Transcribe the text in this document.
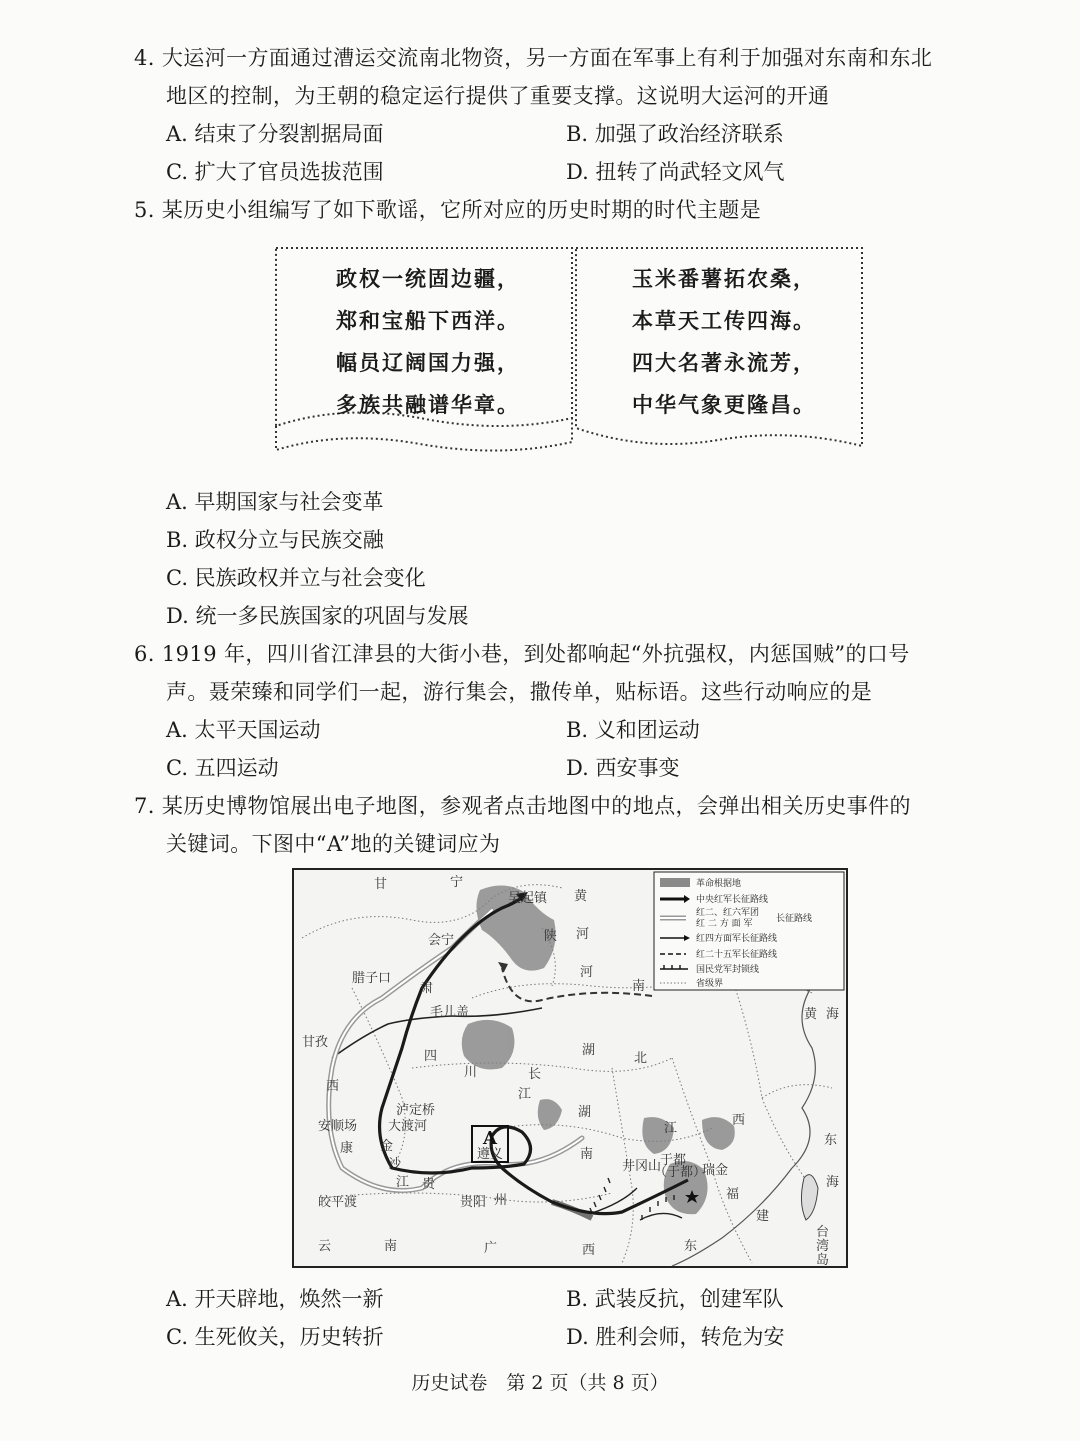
4. 大运河一方面通过漕运交流南北物资，另一方面在军事上有利于加强对东南和东北
地区的控制，为王朝的稳定运行提供了重要支撑。这说明大运河的开通
A. 结束了分裂割据局面	B. 加强了政治经济联系
C. 扩大了官员选拔范围	D. 扭转了尚武轻文风气
5. 某历史小组编写了如下歌谣，它所对应的历史时期的时代主题是
政权一统固边疆，
郑和宝船下西洋。
幅员辽阔国力强，
多族共融谱华章。
玉米番薯拓农桑，
本草天工传四海。
四大名著永流芳，
中华气象更隆昌。
A. 早期国家与社会变革
B. 政权分立与民族交融
C. 民族政权并立与社会变化
D. 统一多民族国家的巩固与发展
6. 1919 年，四川省江津县的大街小巷，到处都响起“外抗强权，内惩国贼”的口号
声。聂荣臻和同学们一起，游行集会，撒传单，贴标语。这些行动响应的是
A. 太平天国运动	B. 义和团运动
C. 五四运动	D. 西安事变
7. 某历史博物馆展出电子地图，参观者点击地图中的地点，会弹出相关历史事件的
关键词。下图中“A”地的关键词应为
A
遵义
革命根据地
中央红军长征路线
红二、红六军团
红 二 方 面 军	长征路线
红四方面军长征路线
红二十五军长征路线
国民党军封锁线
省级界
甘	宁
吴起镇
陕
黄
河
会宁
腊子口
毛儿盖
肃
河
南
甘孜
西
康
四
川	长
江
湖
北
安顺场
泸定桥
大渡河
湖
南
江
西
井冈山
于都
（于都）
瑞金
金
沙
江
皎平渡
贵
贵阳 州
云	南	广	西	东
福
建
黄 海
东
海
台
湾
岛
A. 开天辟地，焕然一新	B. 武装反抗，创建军队
C. 生死攸关，历史转折	D. 胜利会师，转危为安
历史试卷　第 2 页（共 8 页）
